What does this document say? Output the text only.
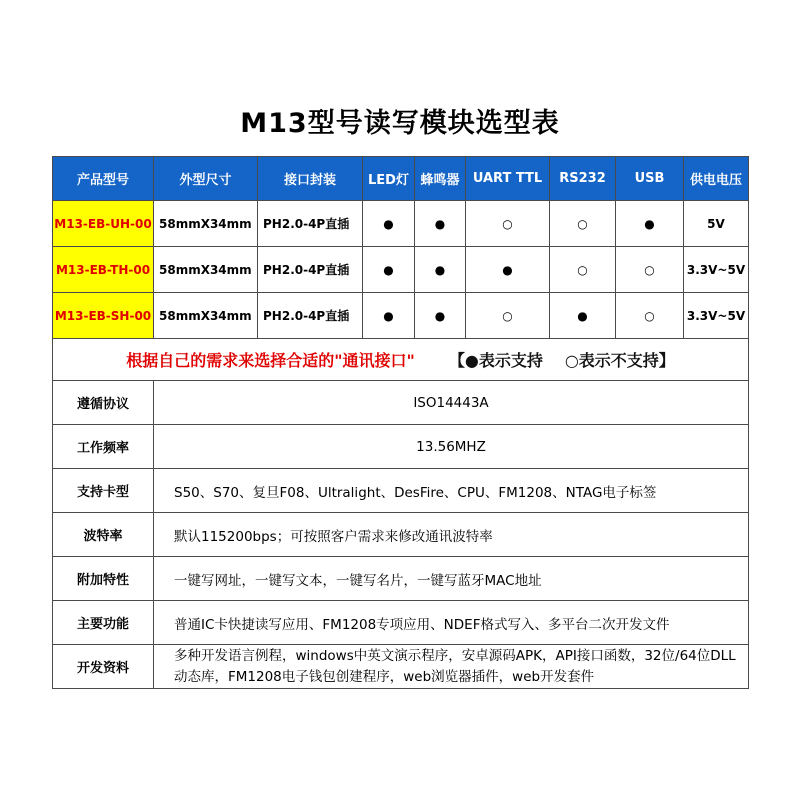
M13型号读写模块选型表
产品型号	外型尺寸	接口封装	LED灯	蜂鸣器	UART TTL	RS232	USB	供电电压
M13-EB-UH-00	58mmX34mm	PH2.0-4P直插	●	●	○	○	●	5V
M13-EB-TH-00	58mmX34mm	PH2.0-4P直插	●	●	●	○	○	3.3V~5V
M13-EB-SH-00	58mmX34mm	PH2.0-4P直插	●	●	○	●	○	3.3V~5V
根据自己的需求来选择合适的"通讯接口" 【●表示支持 ○表示不支持】								
遵循协议	ISO14443A							
工作频率	13.56MHZ							
支持卡型	S50、S70、复旦F08、Ultralight、DesFire、CPU、FM1208、NTAG电子标签							
波特率	默认115200bps；可按照客户需求来修改通讯波特率							
附加特性	一键写网址，一键写文本，一键写名片，一键写蓝牙MAC地址							
主要功能	普通IC卡快捷读写应用、FM1208专项应用、NDEF格式写入、多平台二次开发文件							
开发资料	多种开发语言例程，windows中英文演示程序，安卓源码APK，API接口函数，32位/64位DLL动态库，FM1208电子钱包创建程序，web浏览器插件，web开发套件							
